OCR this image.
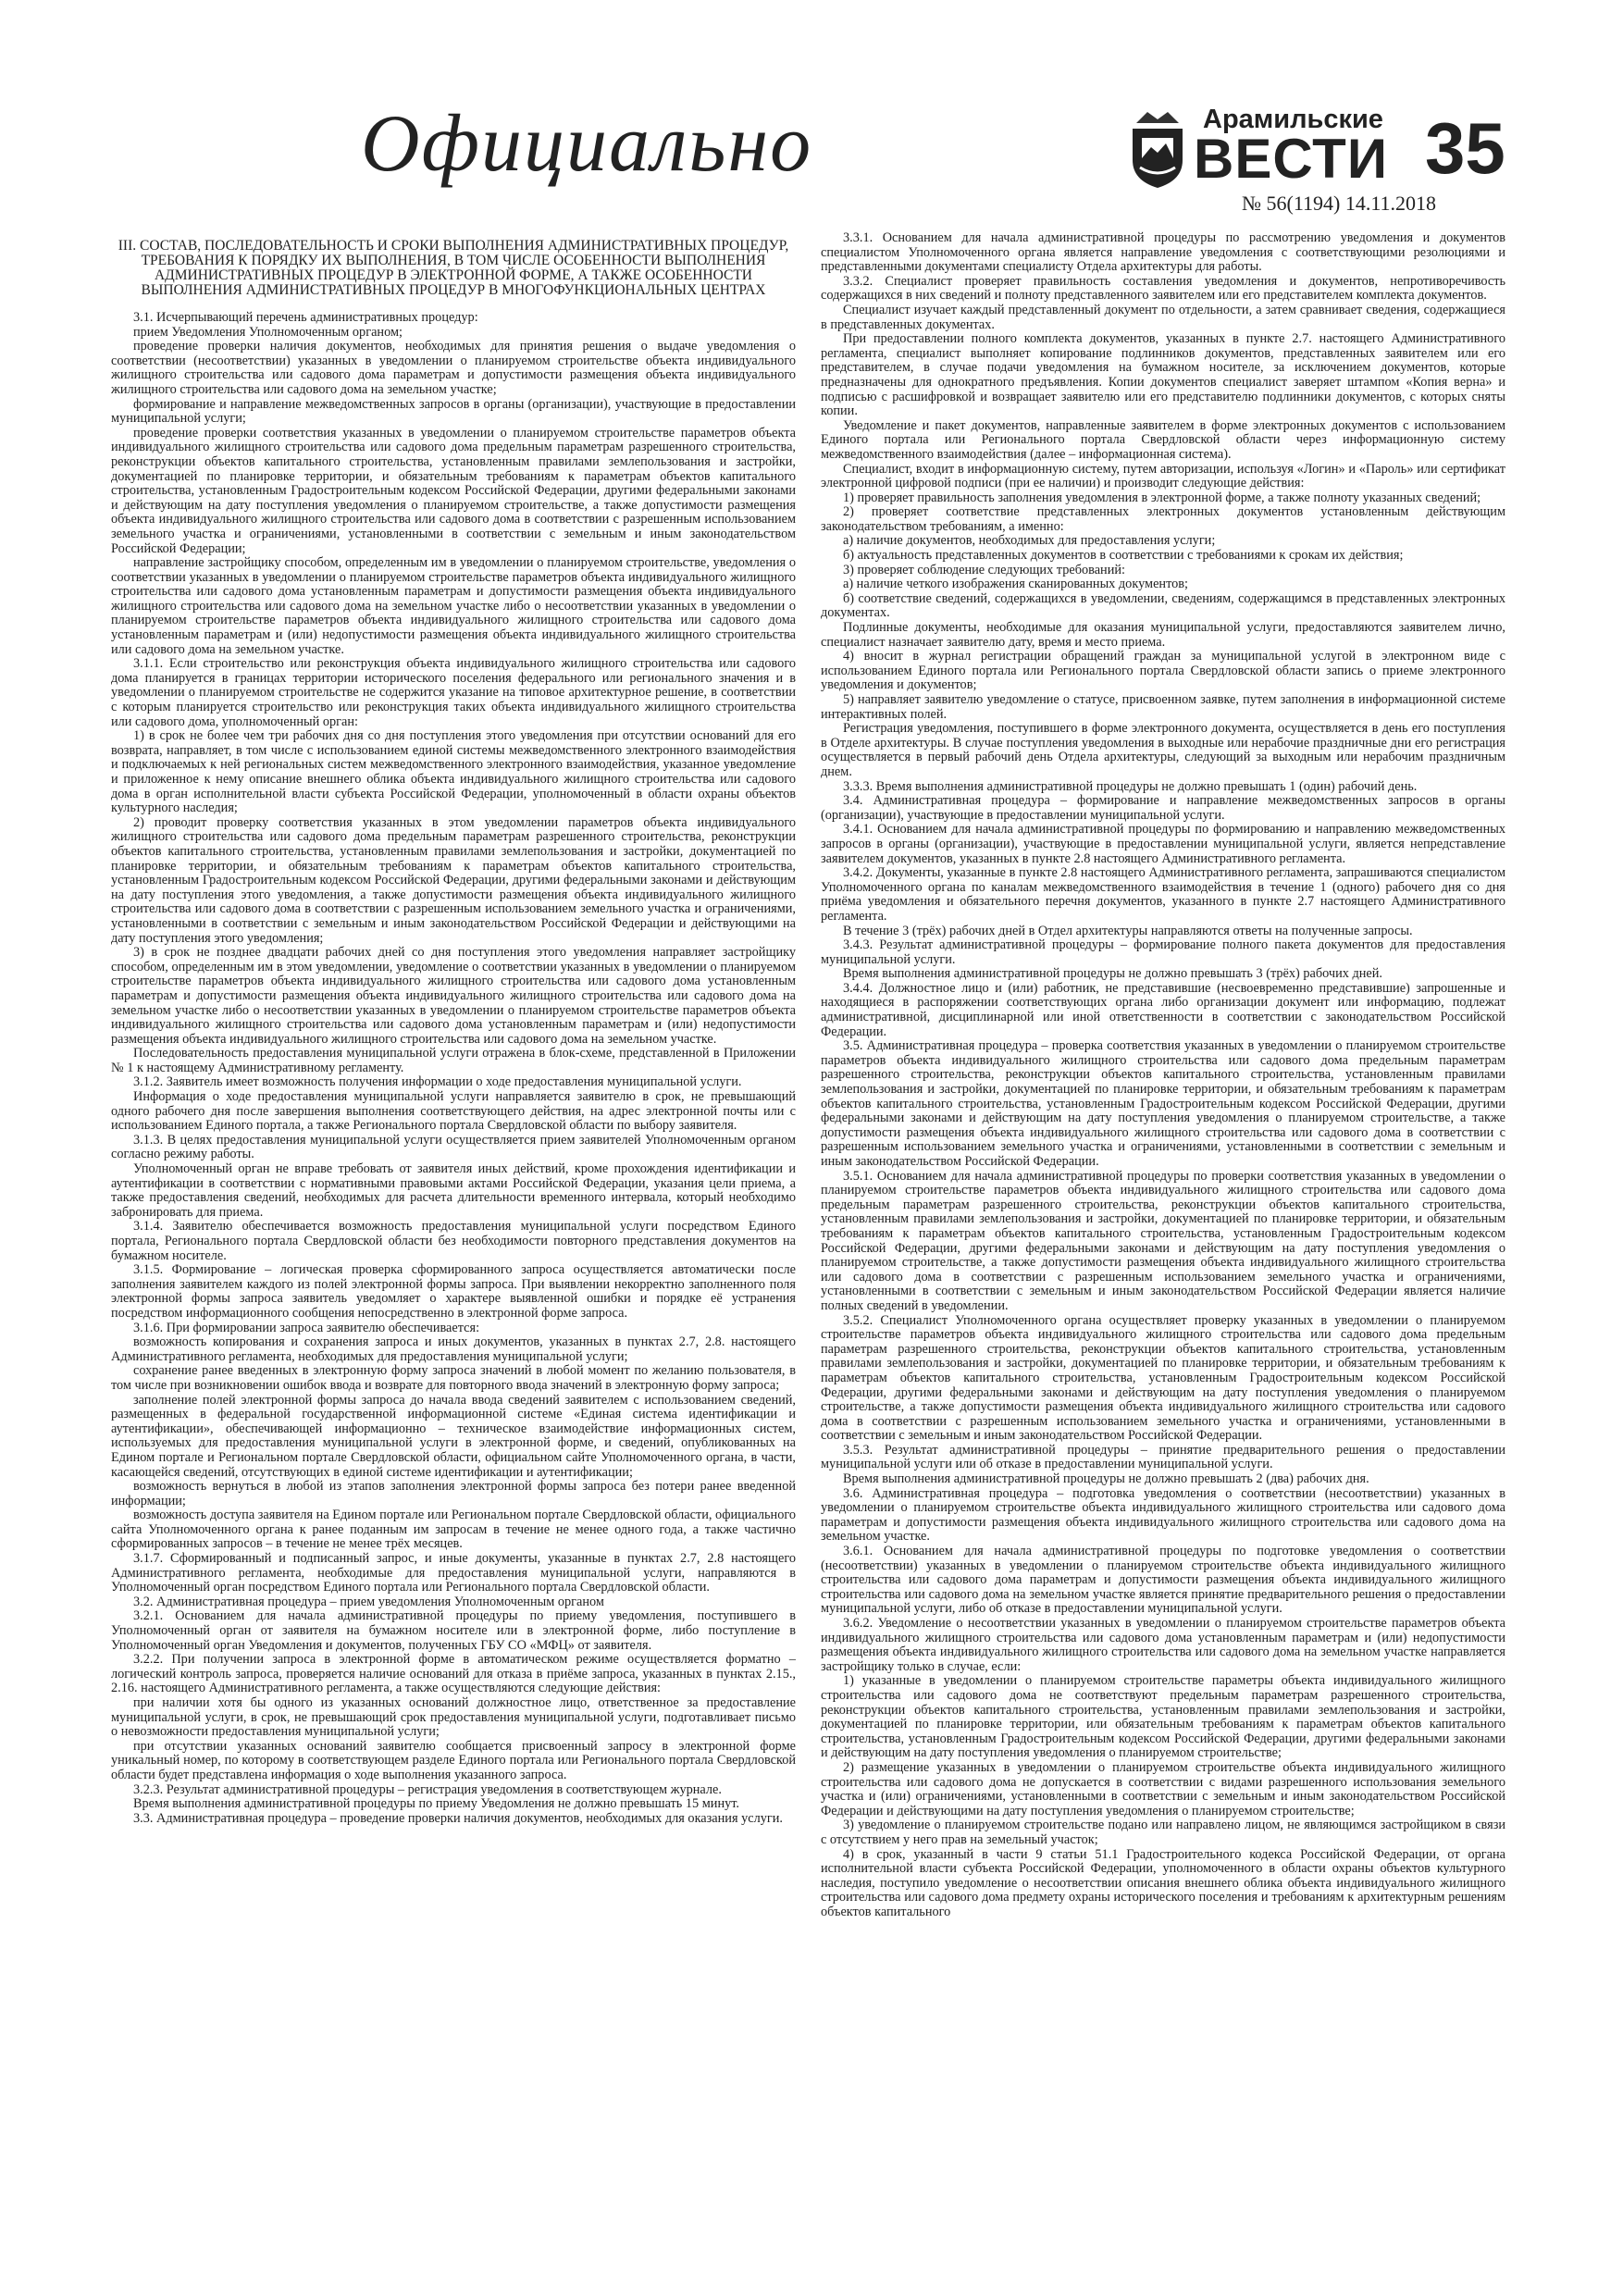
Официально	Арамильские
ВЕСТИ
№ 56(1194) 14.11.2018
35
III. СОСТАВ, ПОСЛЕДОВАТЕЛЬНОСТЬ И СРОКИ ВЫПОЛНЕНИЯ АДМИНИСТРАТИВНЫХ ПРОЦЕДУР, ТРЕБОВАНИЯ К ПОРЯДКУ ИХ ВЫПОЛНЕНИЯ, В ТОМ ЧИСЛЕ ОСОБЕННОСТИ ВЫПОЛНЕНИЯ АДМИНИСТРАТИВНЫХ ПРОЦЕДУР В ЭЛЕКТРОННОЙ ФОРМЕ, А ТАКЖЕ ОСОБЕННОСТИ ВЫПОЛНЕНИЯ АДМИНИСТРАТИВНЫХ ПРОЦЕДУР В МНОГОФУНКЦИОНАЛЬНЫХ ЦЕНТРАХ

3.1. Исчерпывающий перечень административных процедур:

прием Уведомления Уполномоченным органом;

проведение проверки наличия документов, необходимых для принятия решения о выдаче уведомления о соответствии (несоответствии) указанных в уведомлении о планируемом строительстве объекта индивидуального жилищного строительства или садового дома параметрам и допустимости размещения объекта индивидуального жилищного строительства или садового дома на земельном участке;

формирование и направление межведомственных запросов в органы (организации), участвующие в предоставлении муниципальной услуги;

проведение проверки соответствия указанных в уведомлении о планируемом строительстве параметров объекта индивидуального жилищного строительства или садового дома предельным параметрам разрешенного строительства, реконструкции объектов капитального строительства, установленным правилами землепользования и застройки, документацией по планировке территории, и обязательным требованиям к параметрам объектов капитального строительства, установленным Градостроительным кодексом Российской Федерации, другими федеральными законами и действующим на дату поступления уведомления о планируемом строительстве, а также допустимости размещения объекта индивидуального жилищного строительства или садового дома в соответствии с разрешенным использованием земельного участка и ограничениями, установленными в соответствии с земельным и иным законодательством Российской Федерации;

направление застройщику способом, определенным им в уведомлении о планируемом строительстве, уведомления о соответствии указанных в уведомлении о планируемом строительстве параметров объекта индивидуального жилищного строительства или садового дома установленным параметрам и допустимости размещения объекта индивидуального жилищного строительства или садового дома на земельном участке либо о несоответствии указанных в уведомлении о планируемом строительстве параметров объекта индивидуального жилищного строительства или садового дома установленным параметрам и (или) недопустимости размещения объекта индивидуального жилищного строительства или садового дома на земельном участке.

3.1.1. Если строительство или реконструкция объекта индивидуального жилищного строительства или садового дома планируется в границах территории исторического поселения федерального или регионального значения и в уведомлении о планируемом строительстве не содержится указание на типовое архитектурное решение, в соответствии с которым планируется строительство или реконструкция таких объекта индивидуального жилищного строительства или садового дома, уполномоченный орган:

1) в срок не более чем три рабочих дня со дня поступления этого уведомления при отсутствии оснований для его возврата, направляет, в том числе с использованием единой системы межведомственного электронного взаимодействия и подключаемых к ней региональных систем межведомственного электронного взаимодействия, указанное уведомление и приложенное к нему описание внешнего облика объекта индивидуального жилищного строительства или садового дома в орган исполнительной власти субъекта Российской Федерации, уполномоченный в области охраны объектов культурного наследия;

2) проводит проверку соответствия указанных в этом уведомлении параметров объекта индивидуального жилищного строительства или садового дома предельным параметрам разрешенного строительства, реконструкции объектов капитального строительства, установленным правилами землепользования и застройки, документацией по планировке территории, и обязательным требованиям к параметрам объектов капитального строительства, установленным Градостроительным кодексом Российской Федерации, другими федеральными законами и действующим на дату поступления этого уведомления, а также допустимости размещения объекта индивидуального жилищного строительства или садового дома в соответствии с разрешенным использованием земельного участка и ограничениями, установленными в соответствии с земельным и иным законодательством Российской Федерации и действующими на дату поступления этого уведомления;

3) в срок не позднее двадцати рабочих дней со дня поступления этого уведомления направляет застройщику способом, определенным им в этом уведомлении, уведомление о соответствии указанных в уведомлении о планируемом строительстве параметров объекта индивидуального жилищного строительства или садового дома установленным параметрам и допустимости размещения объекта индивидуального жилищного строительства или садового дома на земельном участке либо о несоответствии указанных в уведомлении о планируемом строительстве параметров объекта индивидуального жилищного строительства или садового дома установленным параметрам и (или) недопустимости размещения объекта индивидуального жилищного строительства или садового дома на земельном участке.

Последовательность предоставления муниципальной услуги отражена в блок-схеме, представленной в Приложении № 1 к настоящему Административному регламенту.

3.1.2. Заявитель имеет возможность получения информации о ходе предоставления муниципальной услуги.

Информация о ходе предоставления муниципальной услуги направляется заявителю в срок, не превышающий одного рабочего дня после завершения выполнения соответствующего действия, на адрес электронной почты или с использованием Единого портала, а также Регионального портала Свердловской области по выбору заявителя.

3.1.3. В целях предоставления муниципальной услуги осуществляется прием заявителей Уполномоченным органом согласно режиму работы.

Уполномоченный орган не вправе требовать от заявителя иных действий, кроме прохождения идентификации и аутентификации в соответствии с нормативными правовыми актами Российской Федерации, указания цели приема, а также предоставления сведений, необходимых для расчета длительности временного интервала, который необходимо забронировать для приема.

3.1.4. Заявителю обеспечивается возможность предоставления муниципальной услуги посредством Единого портала, Регионального портала Свердловской области без необходимости повторного представления документов на бумажном носителе.

3.1.5. Формирование – логическая проверка сформированного запроса осуществляется автоматически после заполнения заявителем каждого из полей электронной формы запроса. При выявлении некорректно заполненного поля электронной формы запроса заявитель уведомляет о характере выявленной ошибки и порядке её устранения посредством информационного сообщения непосредственно в электронной форме запроса.

3.1.6. При формировании запроса заявителю обеспечивается:

возможность копирования и сохранения запроса и иных документов, указанных в пунктах 2.7, 2.8. настоящего Административного регламента, необходимых для предоставления муниципальной услуги;

сохранение ранее введенных в электронную форму запроса значений в любой момент по желанию пользователя, в том числе при возникновении ошибок ввода и возврате для повторного ввода значений в электронную форму запроса;

заполнение полей электронной формы запроса до начала ввода сведений заявителем с использованием сведений, размещенных в федеральной государственной информационной системе «Единая система идентификации и аутентификации», обеспечивающей информационно – техническое взаимодействие информационных систем, используемых для предоставления муниципальной услуги в электронной форме, и сведений, опубликованных на Едином портале и Региональном портале Свердловской области, официальном сайте Уполномоченного органа, в части, касающейся сведений, отсутствующих в единой системе идентификации и аутентификации;

возможность вернуться в любой из этапов заполнения электронной формы запроса без потери ранее введенной информации;

возможность доступа заявителя на Едином портале или Региональном портале Свердловской области, официального сайта Уполномоченного органа к ранее поданным им запросам в течение не менее одного года, а также частично сформированных запросов – в течение не менее трёх месяцев.

3.1.7. Сформированный и подписанный запрос, и иные документы, указанные в пунктах 2.7, 2.8 настоящего Административного регламента, необходимые для предоставления муниципальной услуги, направляются в Уполномоченный орган посредством Единого портала или Регионального портала Свердловской области.

3.2. Административная процедура – прием уведомления Уполномоченным органом

3.2.1. Основанием для начала административной процедуры по приему уведомления, поступившего в Уполномоченный орган от заявителя на бумажном носителе или в электронной форме, либо поступление в Уполномоченный орган Уведомления и документов, полученных ГБУ СО «МФЦ» от заявителя.

3.2.2. При получении запроса в электронной форме в автоматическом режиме осуществляется форматно – логический контроль запроса, проверяется наличие оснований для отказа в приёме запроса, указанных в пунктах 2.15., 2.16. настоящего Административного регламента, а также осуществляются следующие действия:

при наличии хотя бы одного из указанных оснований должностное лицо, ответственное за предоставление муниципальной услуги, в срок, не превышающий срок предоставления муниципальной услуги, подготавливает письмо о невозможности предоставления муниципальной услуги;

при отсутствии указанных оснований заявителю сообщается присвоенный запросу в электронной форме уникальный номер, по которому в соответствующем разделе Единого портала или Регионального портала Свердловской области будет представлена информация о ходе выполнения указанного запроса.

3.2.3. Результат административной процедуры – регистрация уведомления в соответствующем журнале.

Время выполнения административной процедуры по приему Уведомления не должно превышать 15 минут.

3.3. Административная процедура – проведение проверки наличия документов, необходимых для оказания услуги.

3.3.1. Основанием для начала административной процедуры по рассмотрению уведомления и документов специалистом Уполномоченного органа является направление уведомления с соответствующими резолюциями и представленными документами специалисту Отдела архитектуры для работы.

3.3.2. Специалист проверяет правильность составления уведомления и документов, непротиворечивость содержащихся в них сведений и полноту представленного заявителем или его представителем комплекта документов.

Специалист изучает каждый представленный документ по отдельности, а затем сравнивает сведения, содержащиеся в представленных документах.

При предоставлении полного комплекта документов, указанных в пункте 2.7. настоящего Административного регламента, специалист выполняет копирование подлинников документов, представленных заявителем или его представителем, в случае подачи уведомления на бумажном носителе, за исключением документов, которые предназначены для однократного предъявления. Копии документов специалист заверяет штампом «Копия верна» и подписью с расшифровкой и возвращает заявителю или его представителю подлинники документов, с которых сняты копии.

Уведомление и пакет документов, направленные заявителем в форме электронных документов с использованием Единого портала или Регионального портала Свердловской области через информационную систему межведомственного взаимодействия (далее – информационная система).

Специалист, входит в информационную систему, путем авторизации, используя «Логин» и «Пароль» или сертификат электронной цифровой подписи (при ее наличии) и производит следующие действия:

1) проверяет правильность заполнения уведомления в электронной форме, а также полноту указанных сведений;

2) проверяет соответствие представленных электронных документов установленным действующим законодательством требованиям, а именно:

а) наличие документов, необходимых для предоставления услуги;

б) актуальность представленных документов в соответствии с требованиями к срокам их действия;

3) проверяет соблюдение следующих требований:

а) наличие четкого изображения сканированных документов;

б) соответствие сведений, содержащихся в уведомлении, сведениям, содержащимся в представленных электронных документах.

Подлинные документы, необходимые для оказания муниципальной услуги, предоставляются заявителем лично, специалист назначает заявителю дату, время и место приема.

4) вносит в журнал регистрации обращений граждан за муниципальной услугой в электронном виде с использованием Единого портала или Регионального портала Свердловской области запись о приеме электронного уведомления и документов;

5) направляет заявителю уведомление о статусе, присвоенном заявке, путем заполнения в информационной системе интерактивных полей.

Регистрация уведомления, поступившего в форме электронного документа, осуществляется в день его поступления в Отделе архитектуры. В случае поступления уведомления в выходные или нерабочие праздничные дни его регистрация осуществляется в первый рабочий день Отдела архитектуры, следующий за выходным или нерабочим праздничным днем.

3.3.3. Время выполнения административной процедуры не должно превышать 1 (один) рабочий день.

3.4. Административная процедура – формирование и направление межведомственных запросов в органы (организации), участвующие в предоставлении муниципальной услуги.

3.4.1. Основанием для начала административной процедуры по формированию и направлению межведомственных запросов в органы (организации), участвующие в предоставлении муниципальной услуги, является непредставление заявителем документов, указанных в пункте 2.8 настоящего Административного регламента.

3.4.2. Документы, указанные в пункте 2.8 настоящего Административного регламента, запрашиваются специалистом Уполномоченного органа по каналам межведомственного взаимодействия в течение 1 (одного) рабочего дня со дня приёма уведомления и обязательного перечня документов, указанного в пункте 2.7 настоящего Административного регламента.

В течение 3 (трёх) рабочих дней в Отдел архитектуры направляются ответы на полученные запросы.

3.4.3. Результат административной процедуры – формирование полного пакета документов для предоставления муниципальной услуги.

Время выполнения административной процедуры не должно превышать 3 (трёх) рабочих дней.

3.4.4. Должностное лицо и (или) работник, не представившие (несвоевременно представившие) запрошенные и находящиеся в распоряжении соответствующих органа либо организации документ или информацию, подлежат административной, дисциплинарной или иной ответственности в соответствии с законодательством Российской Федерации.

3.5. Административная процедура – проверка соответствия указанных в уведомлении о планируемом строительстве параметров объекта индивидуального жилищного строительства или садового дома предельным параметрам разрешенного строительства, реконструкции объектов капитального строительства, установленным правилами землепользования и застройки, документацией по планировке территории, и обязательным требованиям к параметрам объектов капитального строительства, установленным Градостроительным кодексом Российской Федерации, другими федеральными законами и действующим на дату поступления уведомления о планируемом строительстве, а также допустимости размещения объекта индивидуального жилищного строительства или садового дома в соответствии с разрешенным использованием земельного участка и ограничениями, установленными в соответствии с земельным и иным законодательством Российской Федерации.

3.5.1. Основанием для начала административной процедуры по проверки соответствия указанных в уведомлении о планируемом строительстве параметров объекта индивидуального жилищного строительства или садового дома предельным параметрам разрешенного строительства, реконструкции объектов капитального строительства, установленным правилами землепользования и застройки, документацией по планировке территории, и обязательным требованиям к параметрам объектов капитального строительства, установленным Градостроительным кодексом Российской Федерации, другими федеральными законами и действующим на дату поступления уведомления о планируемом строительстве, а также допустимости размещения объекта индивидуального жилищного строительства или садового дома в соответствии с разрешенным использованием земельного участка и ограничениями, установленными в соответствии с земельным и иным законодательством Российской Федерации является наличие полных сведений в уведомлении.

3.5.2. Специалист Уполномоченного органа осуществляет проверку указанных в уведомлении о планируемом строительстве параметров объекта индивидуального жилищного строительства или садового дома предельным параметрам разрешенного строительства, реконструкции объектов капитального строительства, установленным правилами землепользования и застройки, документацией по планировке территории, и обязательным требованиям к параметрам объектов капитального строительства, установленным Градостроительным кодексом Российской Федерации, другими федеральными законами и действующим на дату поступления уведомления о планируемом строительстве, а также допустимости размещения объекта индивидуального жилищного строительства или садового дома в соответствии с разрешенным использованием земельного участка и ограничениями, установленными в соответствии с земельным и иным законодательством Российской Федерации.

3.5.3. Результат административной процедуры – принятие предварительного решения о предоставлении муниципальной услуги или об отказе в предоставлении муниципальной услуги.

Время выполнения административной процедуры не должно превышать 2 (два) рабочих дня.

3.6. Административная процедура – подготовка уведомления о соответствии (несоответствии) указанных в уведомлении о планируемом строительстве объекта индивидуального жилищного строительства или садового дома параметрам и допустимости размещения объекта индивидуального жилищного строительства или садового дома на земельном участке.

3.6.1. Основанием для начала административной процедуры по подготовке уведомления о соответствии (несоответствии) указанных в уведомлении о планируемом строительстве объекта индивидуального жилищного строительства или садового дома параметрам и допустимости размещения объекта индивидуального жилищного строительства или садового дома на земельном участке является принятие предварительного решения о предоставлении муниципальной услуги, либо об отказе в предоставлении муниципальной услуги.

3.6.2. Уведомление о несоответствии указанных в уведомлении о планируемом строительстве параметров объекта индивидуального жилищного строительства или садового дома установленным параметрам и (или) недопустимости размещения объекта индивидуального жилищного строительства или садового дома на земельном участке направляется застройщику только в случае, если:

1) указанные в уведомлении о планируемом строительстве параметры объекта индивидуального жилищного строительства или садового дома не соответствуют предельным параметрам разрешенного строительства, реконструкции объектов капитального строительства, установленным правилами землепользования и застройки, документацией по планировке территории, или обязательным требованиям к параметрам объектов капитального строительства, установленным Градостроительным кодексом Российской Федерации, другими федеральными законами и действующим на дату поступления уведомления о планируемом строительстве;

2) размещение указанных в уведомлении о планируемом строительстве объекта индивидуального жилищного строительства или садового дома не допускается в соответствии с видами разрешенного использования земельного участка и (или) ограничениями, установленными в соответствии с земельным и иным законодательством Российской Федерации и действующими на дату поступления уведомления о планируемом строительстве;

3) уведомление о планируемом строительстве подано или направлено лицом, не являющимся застройщиком в связи с отсутствием у него прав на земельный участок;

4) в срок, указанный в части 9 статьи 51.1 Градостроительного кодекса Российской Федерации, от органа исполнительной власти субъекта Российской Федерации, уполномоченного в области охраны объектов культурного наследия, поступило уведомление о несоответствии описания внешнего облика объекта индивидуального жилищного строительства или садового дома предмету охраны исторического поселения и требованиям к архитектурным решениям объектов капитального
